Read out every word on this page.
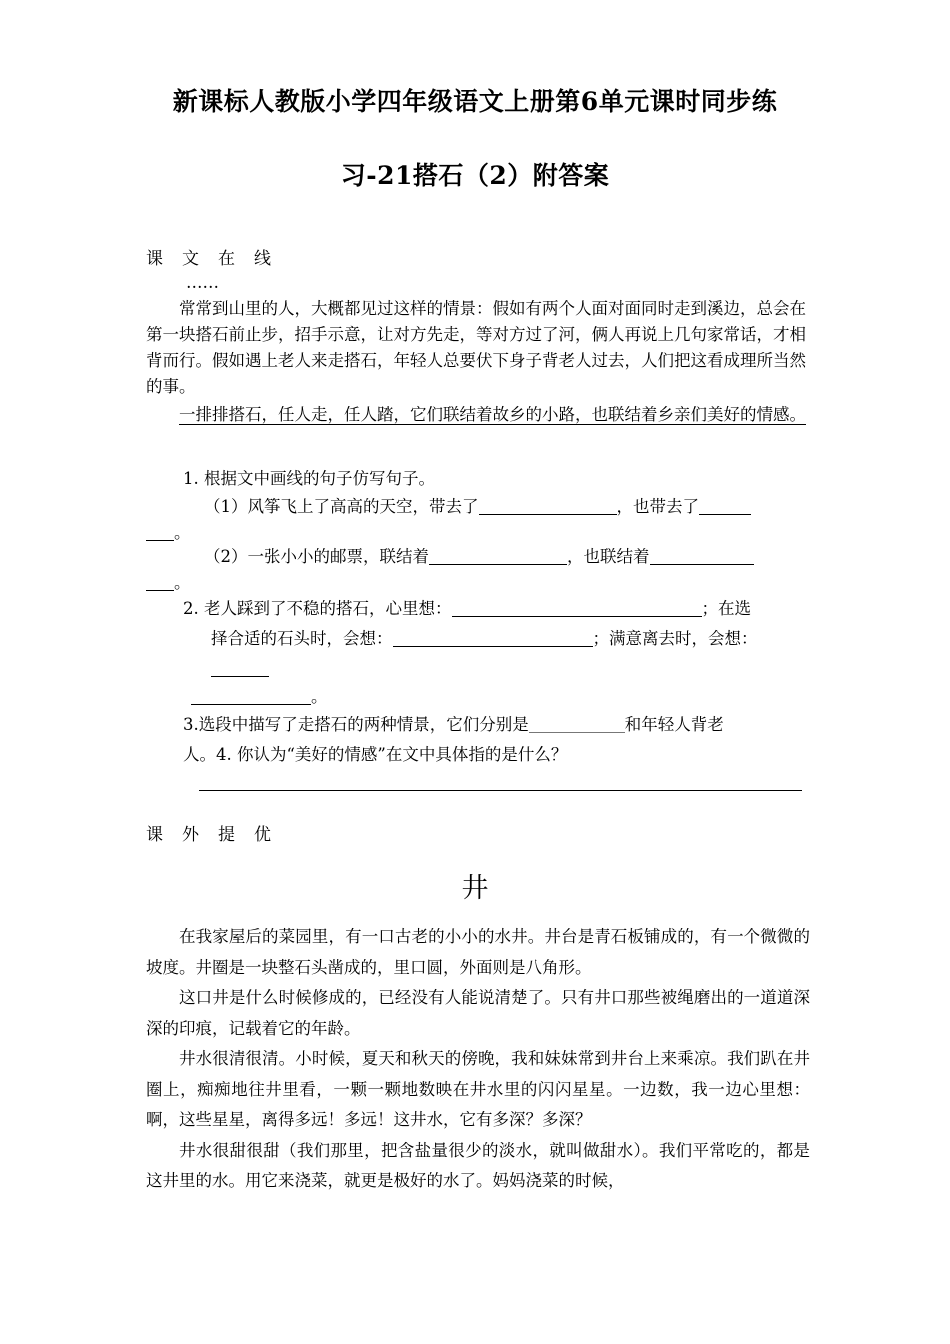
新课标人教版小学四年级语文上册第6单元课时同步练
习-21搭石（2）附答案
课文在线

……

常常到山里的人，大概都见过这样的情景：假如有两个人面对面同时走到溪边，总会在第一块搭石前止步，招手示意，让对方先走，等对方过了河，俩人再说上几句家常话，才相背而行。假如遇上老人来走搭石，年轻人总要伏下身子背老人过去，人们把这看成理所当然的事。

一排排搭石，任人走，任人踏，它们联结着故乡的小路，也联结着乡亲们美好的情感。

1. 根据文中画线的句子仿写句子。
（1）风筝飞上了高高的天空，带去了	，也带去了
。
（2）一张小小的邮票，联结着	，也联结着
。
2. 老人踩到了不稳的搭石，心里想：	；在选
择合适的石头时，会想：	；满意离去时，会想：
。
3.选段中描写了走搭石的两种情景，它们分别是	和年轻人背老
人。4. 你认为“美好的情感”在文中具体指的是什么？
课外提优
井

在我家屋后的菜园里，有一口古老的小小的水井。井台是青石板铺成的，有一个微微的坡度。井圈是一块整石头凿成的，里口圆，外面则是八角形。

这口井是什么时候修成的，已经没有人能说清楚了。只有井口那些被绳磨出的一道道深深的印痕，记载着它的年龄。

井水很清很清。小时候，夏天和秋天的傍晚，我和妹妹常到井台上来乘凉。我们趴在井圈上，痴痴地往井里看，一颗一颗地数映在井水里的闪闪星星。一边数，我一边心里想：啊，这些星星，离得多远！多远！这井水，它有多深？多深？

井水很甜很甜（我们那里，把含盐量很少的淡水，就叫做甜水）。我们平常吃的，都是这井里的水。用它来浇菜，就更是极好的水了。妈妈浇菜的时候，
